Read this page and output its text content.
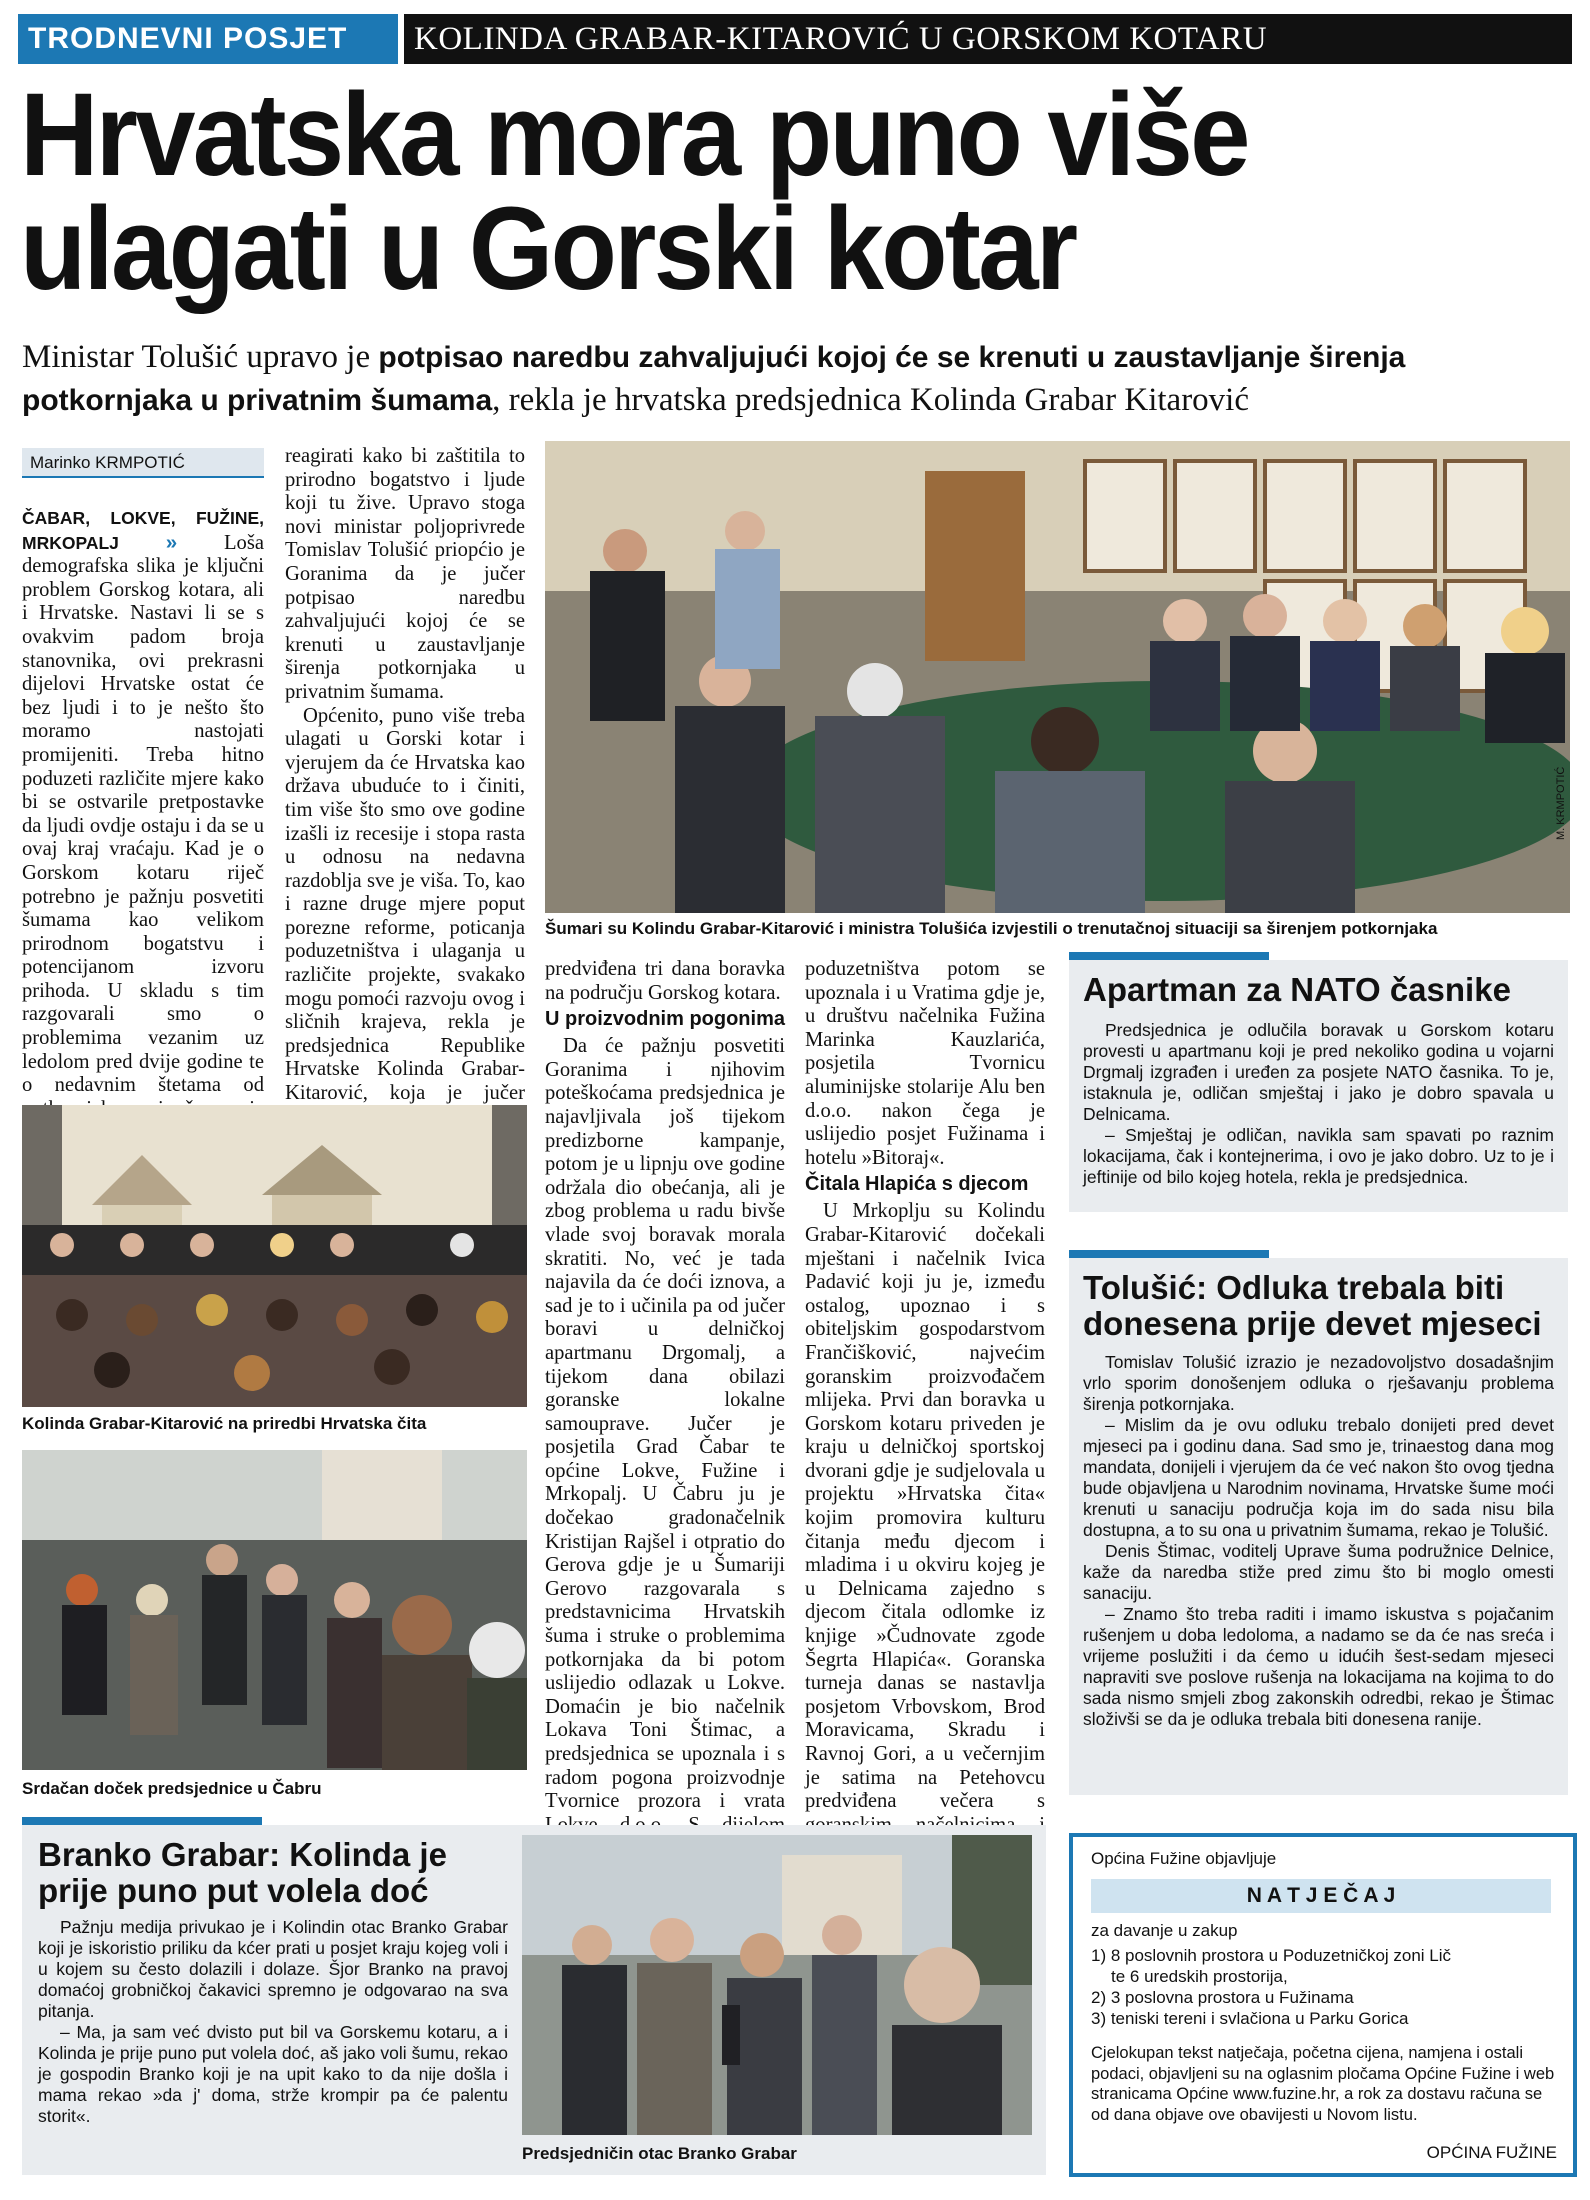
TRODNEVNI POSJET	KOLINDA GRABAR-KITAROVIĆ U GORSKOM KOTARU
Hrvatska mora puno više
ulagati u Gorski kotar
Ministar Tolušić upravo je potpisao naredbu zahvaljujući kojoj će se krenuti u zaustavljanje širenja potkornjaka u privatnim šumama, rekla je hrvatska predsjednica Kolinda Grabar Kitarović
Marinko KRMPOTIĆ
ČABAR, LOKVE, FUŽINE, MRKOPALJ » Loša demografska slika je ključni problem Gorskog kotara, ali i Hrvatske. Nastavi li se s ovakvim padom broja stanovnika, ovi prekrasni dijelovi Hrvatske ostat će bez ljudi i to je nešto što moramo nastojati promijeniti. Treba hitno poduzeti različite mjere kako bi se ostvarile pretpostavke da ljudi ovdje ostaju i da se u ovaj kraj vraćaju. Kad je o Gorskom kotaru riječ potrebno je pažnju posvetiti šumama kao velikom prirodnom bogatstvu i potencijanom izvoru prihoda. U skladu s tim razgovarali smo o problemima vezanim uz ledolom pred dvije godine te o nedavnim štetama od
reagirati kako bi zaštitila to prirodno bogatstvo i ljude koji tu žive. Upravo stoga novi ministar poljoprivrede Tomislav Tolušić priopćio je Goranima da je jučer potpisao naredbu zahvaljujući kojoj će se krenuti u zaustavljanje širenja potkornjaka u privatnim šumama.

Općenito, puno više treba ulagati u Gorski kotar i vjerujem da će Hrvatska kao država ubuduće to i činiti, tim više što smo ove godine izašli iz recesije i stopa rasta u odnosu na nedavna razdoblja sve je viša. To, kao i razne druge mjere poput porezne reforme, poticanja poduzetništva i ulaganja u različite projekte, svakako mogu pomoći razvoju ovog i sličnih krajeva, rekla je predsjednica Republike Hrvatske Kolinda Grabar-Kitarović, koja je jučer

Šumari su Kolindu Grabar-Kitarović i ministra Tolušića izvjestili o trenutačnoj situaciji sa širenjem potkornjaka
predviđena tri dana boravka na području Gorskog kotara.
U proizvodnim pogonima

Da će pažnju posvetiti Goranima i njihovim poteškoćama predsjednica je najavljivala još tijekom predizborne kampanje, potom je u lipnju ove godine održala dio obećanja, ali je zbog problema u radu bivše vlade svoj boravak morala skratiti. No, već je tada najavila da će doći iznova, a sad je to i učinila pa od jučer boravi u delničkoj apartmanu Drgomalj, a tijekom dana obilazi goranske lokalne samouprave. Jučer je posjetila Grad Čabar te općine Lokve, Fužine i Mrkopalj. U Čabru ju je dočekao gradonačelnik Kristijan Rajšel i otpratio do Gerova gdje je u Šumariji Gerovo razgovarala s predstavnicima Hrvatskih šuma i struke o problemima potkornjaka da bi potom uslijedio odlazak u Lokve. Domaćin je bio načelnik Lokava Toni Štimac, a predsjednica se upoznala i s radom pogona proizvodnje Tvornice prozora i vrata

poduzetništva potom se upoznala i u Vratima gdje je, u društvu načelnika Fužina Marinka Kauzlarića, posjetila Tvornicu aluminijske stolarije Alu ben d.o.o. nakon čega je uslijedio posjet Fužinama i hotelu »Bitoraj«.
Čitala Hlapića s djecom

U Mrkoplju su Kolindu Grabar-Kitarović dočekali mještani i načelnik Ivica Padavić koji ju je, između ostalog, upoznao i s obiteljskim gospodarstvom Frančišković, najvećim goranskim proizvođačem mlijeka. Prvi dan boravka u Gorskom kotaru priveden je kraju u delničkoj sportskoj dvorani gdje je sudjelovala u projektu »Hrvatska čita« kojim promovira kulturu čitanja među djecom i mladima i u okviru kojeg je u Delnicama zajedno s djecom čitala odlomke iz knjige »Čudnovate zgode Šegrta Hlapića«. Goranska turneja danas se nastavlja posjetom Vrbovskom, Brod Moravicama, Skradu i Ravnoj Gori, a u večernjim je satima na Petehovcu predviđena večera s

Kolinda Grabar-Kitarović na priredbi Hrvatska čita
Srdačan doček predsjednice u Čabru
Apartman za NATO časnike

Predsjednica je odlučila boravak u Gorskom kotaru provesti u apartmanu koji je pred nekoliko godina u vojarni Drgmalj izgrađen i uređen za posjete NATO časnika. To je, istaknula je, odličan smještaj i jako je dobro spavala u Delnicama.

– Smještaj je odličan, navikla sam spavati po raznim lokacijama, čak i kontejnerima, i ovo je jako dobro. Uz to je i jeftinije od bilo kojeg hotela, rekla je predsjednica.

Tolušić: Odluka trebala biti donesena prije devet mjeseci

Tomislav Tolušić izrazio je nezadovoljstvo dosadašnjim vrlo sporim donošenjem odluka o rješavanju problema širenja potkornjaka.

– Mislim da je ovu odluku trebalo donijeti pred devet mjeseci pa i godinu dana. Sad smo je, trinaestog dana mog mandata, donijeli i vjerujem da će već nakon što ovog tjedna bude objavljena u Narodnim novinama, Hrvatske šume moći krenuti u sanaciju područja koja im do sada nisu bila dostupna, a to su ona u privatnim šumama, rekao je Tolušić.

Denis Štimac, voditelj Uprave šuma podružnice Delnice, kaže da naredba stiže pred zimu što bi moglo omesti sanaciju.

– Znamo što treba raditi i imamo iskustva s pojačanim rušenjem u doba ledoloma, a nadamo se da će nas sreća i vrijeme poslužiti i da ćemo u idućih šest-sedam mjeseci napraviti sve poslove rušenja na lokacijama na kojima to do sada nismo smjeli zbog zakonskih odredbi, rekao je Štimac složivši se da je odluka trebala biti donesena ranije.

Branko Grabar: Kolinda je prije puno put volela doć

Pažnju medija privukao je i Kolindin otac Branko Grabar koji je iskoristio priliku da kćer prati u posjet kraju kojeg voli i u kojem su često dolazili i dolaze. Šjor Branko na pravoj domaćoj grobničkoj čakavici spremno je odgovarao na sva pitanja.

– Ma, ja sam već dvisto put bil va Gorskemu kotaru, a i Kolinda je prije puno put volela doć, aš jako voli šumu, rekao je gospodin Branko koji je na upit kako to da nije došla i mama rekao »da j' doma, strže krompir pa će palentu storit«.

Predsjedničin otac Branko Grabar
Općina Fužine objavljuje
N A T J E Č A J
za davanje u zakup
1) 8 poslovnih prostora u Poduzetničkoj zoni Lič
te 6 uredskih prostorija,
2) 3 poslovna prostora u Fužinama
3) teniski tereni i svlačiona u Parku Gorica
Cjelokupan tekst natječaja, početna cijena, namjena i ostali podaci, objavljeni su na oglasnim pločama Općine Fužine i web stranicama Općine www.fuzine.hr, a rok za dostavu računa se od dana objave ove obavijesti u Novom listu.
OPĆINA FUŽINE
